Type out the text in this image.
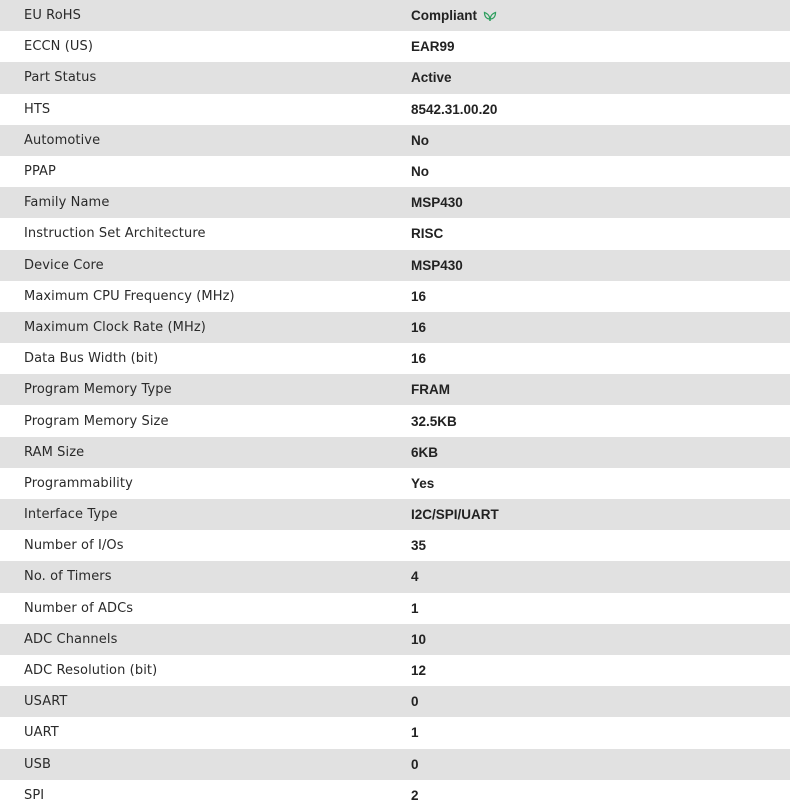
EU RoHS	Compliant
ECCN (US)	EAR99
Part Status	Active
HTS	8542.31.00.20
Automotive	No
PPAP	No
Family Name	MSP430
Instruction Set Architecture	RISC
Device Core	MSP430
Maximum CPU Frequency (MHz)	16
Maximum Clock Rate (MHz)	16
Data Bus Width (bit)	16
Program Memory Type	FRAM
Program Memory Size	32.5KB
RAM Size	6KB
Programmability	Yes
Interface Type	I2C/SPI/UART
Number of I/Os	35
No. of Timers	4
Number of ADCs	1
ADC Channels	10
ADC Resolution (bit)	12
USART	0
UART	1
USB	0
SPI	2
